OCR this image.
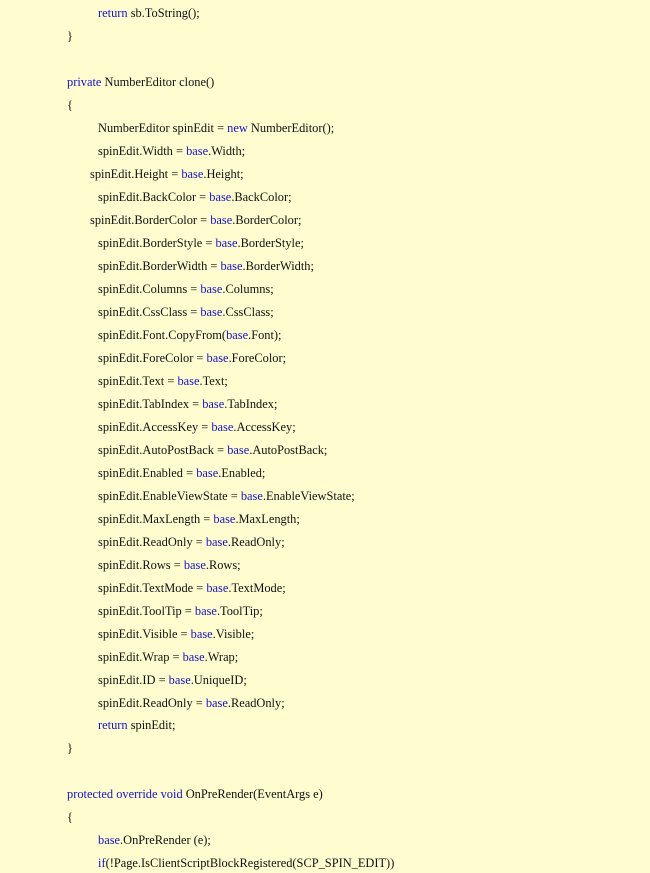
return sb.ToString();
}
private NumberEditor clone()
{
NumberEditor spinEdit = new NumberEditor();
spinEdit.Width = base.Width;
spinEdit.Height = base.Height;
spinEdit.BackColor = base.BackColor;
spinEdit.BorderColor = base.BorderColor;
spinEdit.BorderStyle = base.BorderStyle;
spinEdit.BorderWidth = base.BorderWidth;
spinEdit.Columns = base.Columns;
spinEdit.CssClass = base.CssClass;
spinEdit.Font.CopyFrom(base.Font);
spinEdit.ForeColor = base.ForeColor;
spinEdit.Text = base.Text;
spinEdit.TabIndex = base.TabIndex;
spinEdit.AccessKey = base.AccessKey;
spinEdit.AutoPostBack = base.AutoPostBack;
spinEdit.Enabled = base.Enabled;
spinEdit.EnableViewState = base.EnableViewState;
spinEdit.MaxLength = base.MaxLength;
spinEdit.ReadOnly = base.ReadOnly;
spinEdit.Rows = base.Rows;
spinEdit.TextMode = base.TextMode;
spinEdit.ToolTip = base.ToolTip;
spinEdit.Visible = base.Visible;
spinEdit.Wrap = base.Wrap;
spinEdit.ID = base.UniqueID;
spinEdit.ReadOnly = base.ReadOnly;
return spinEdit;
}
protected override void OnPreRender(EventArgs e)
{
base.OnPreRender (e);
if(!Page.IsClientScriptBlockRegistered(SCP_SPIN_EDIT))
